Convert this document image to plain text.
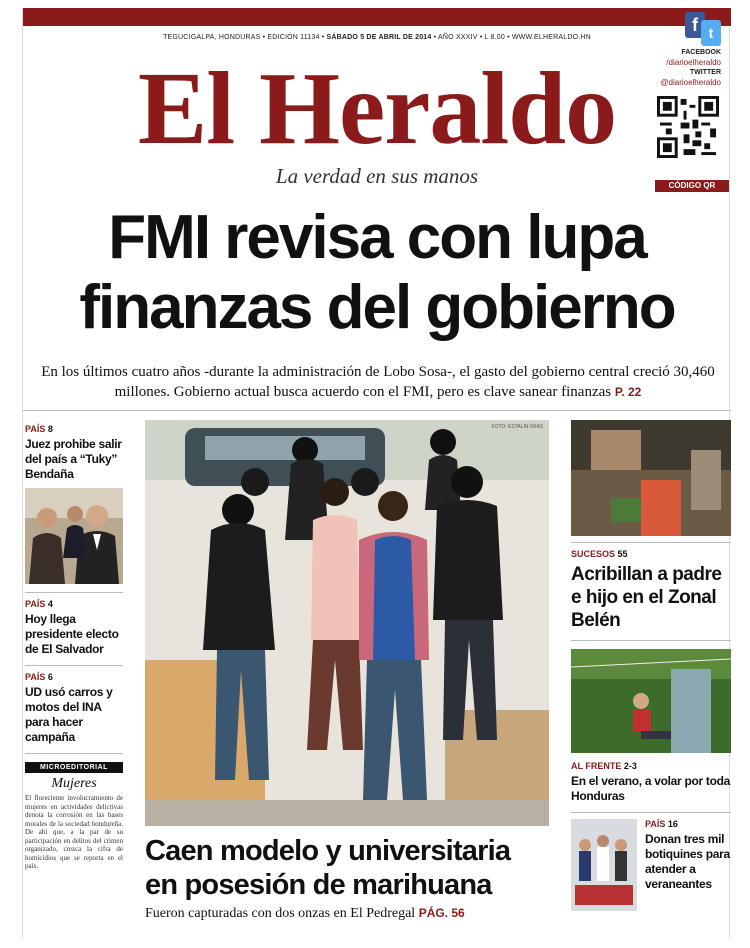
TEGUCIGALPA, HONDURAS • EDICIÓN 11134 • SÁBADO 5 DE ABRIL DE 2014 • AÑO XXXIV • L 8.00 • WWW.ELHERALDO.HN
El Heraldo
La verdad en sus manos
f t
FACEBOOK
/diarioelheraldo
TWITTER
@diarioelheraldo
CÓDIGO QR
FMI revisa con lupa
finanzas del gobierno
En los últimos cuatro años -durante la administración de Lobo Sosa-, el gasto del gobierno central creció 30,460 millones. Gobierno actual busca acuerdo con el FMI, pero es clave sanear finanzas P. 22
PAÍS 8
Juez prohibe salir del país a “Tuky” Bendaña
PAÍS 4
Hoy llega presidente electo de El Salvador
PAÍS 6
UD usó carros y motos del INA para hacer campaña
MICROEDITORIAL
Mujeres
El floreciente involucramiento de mujeres en actividades delictivas denota la corrosión en las bases morales de la sociedad hondureña. De ahí que, a la par de su participación en delitos del crimen organizado, crezca la cifra de homicidios que se reporta en el país.
FOTO: ESTALIN IRÍAS
Caen modelo y universitaria
en posesión de marihuana
Fueron capturadas con dos onzas en El Pedregal PÁG. 56
SUCESOS 55
Acribillan a padre e hijo en el Zonal Belén
AL FRENTE 2-3
En el verano, a volar por toda Honduras
PAÍS 16
Donan tres mil botiquines para atender a veraneantes
